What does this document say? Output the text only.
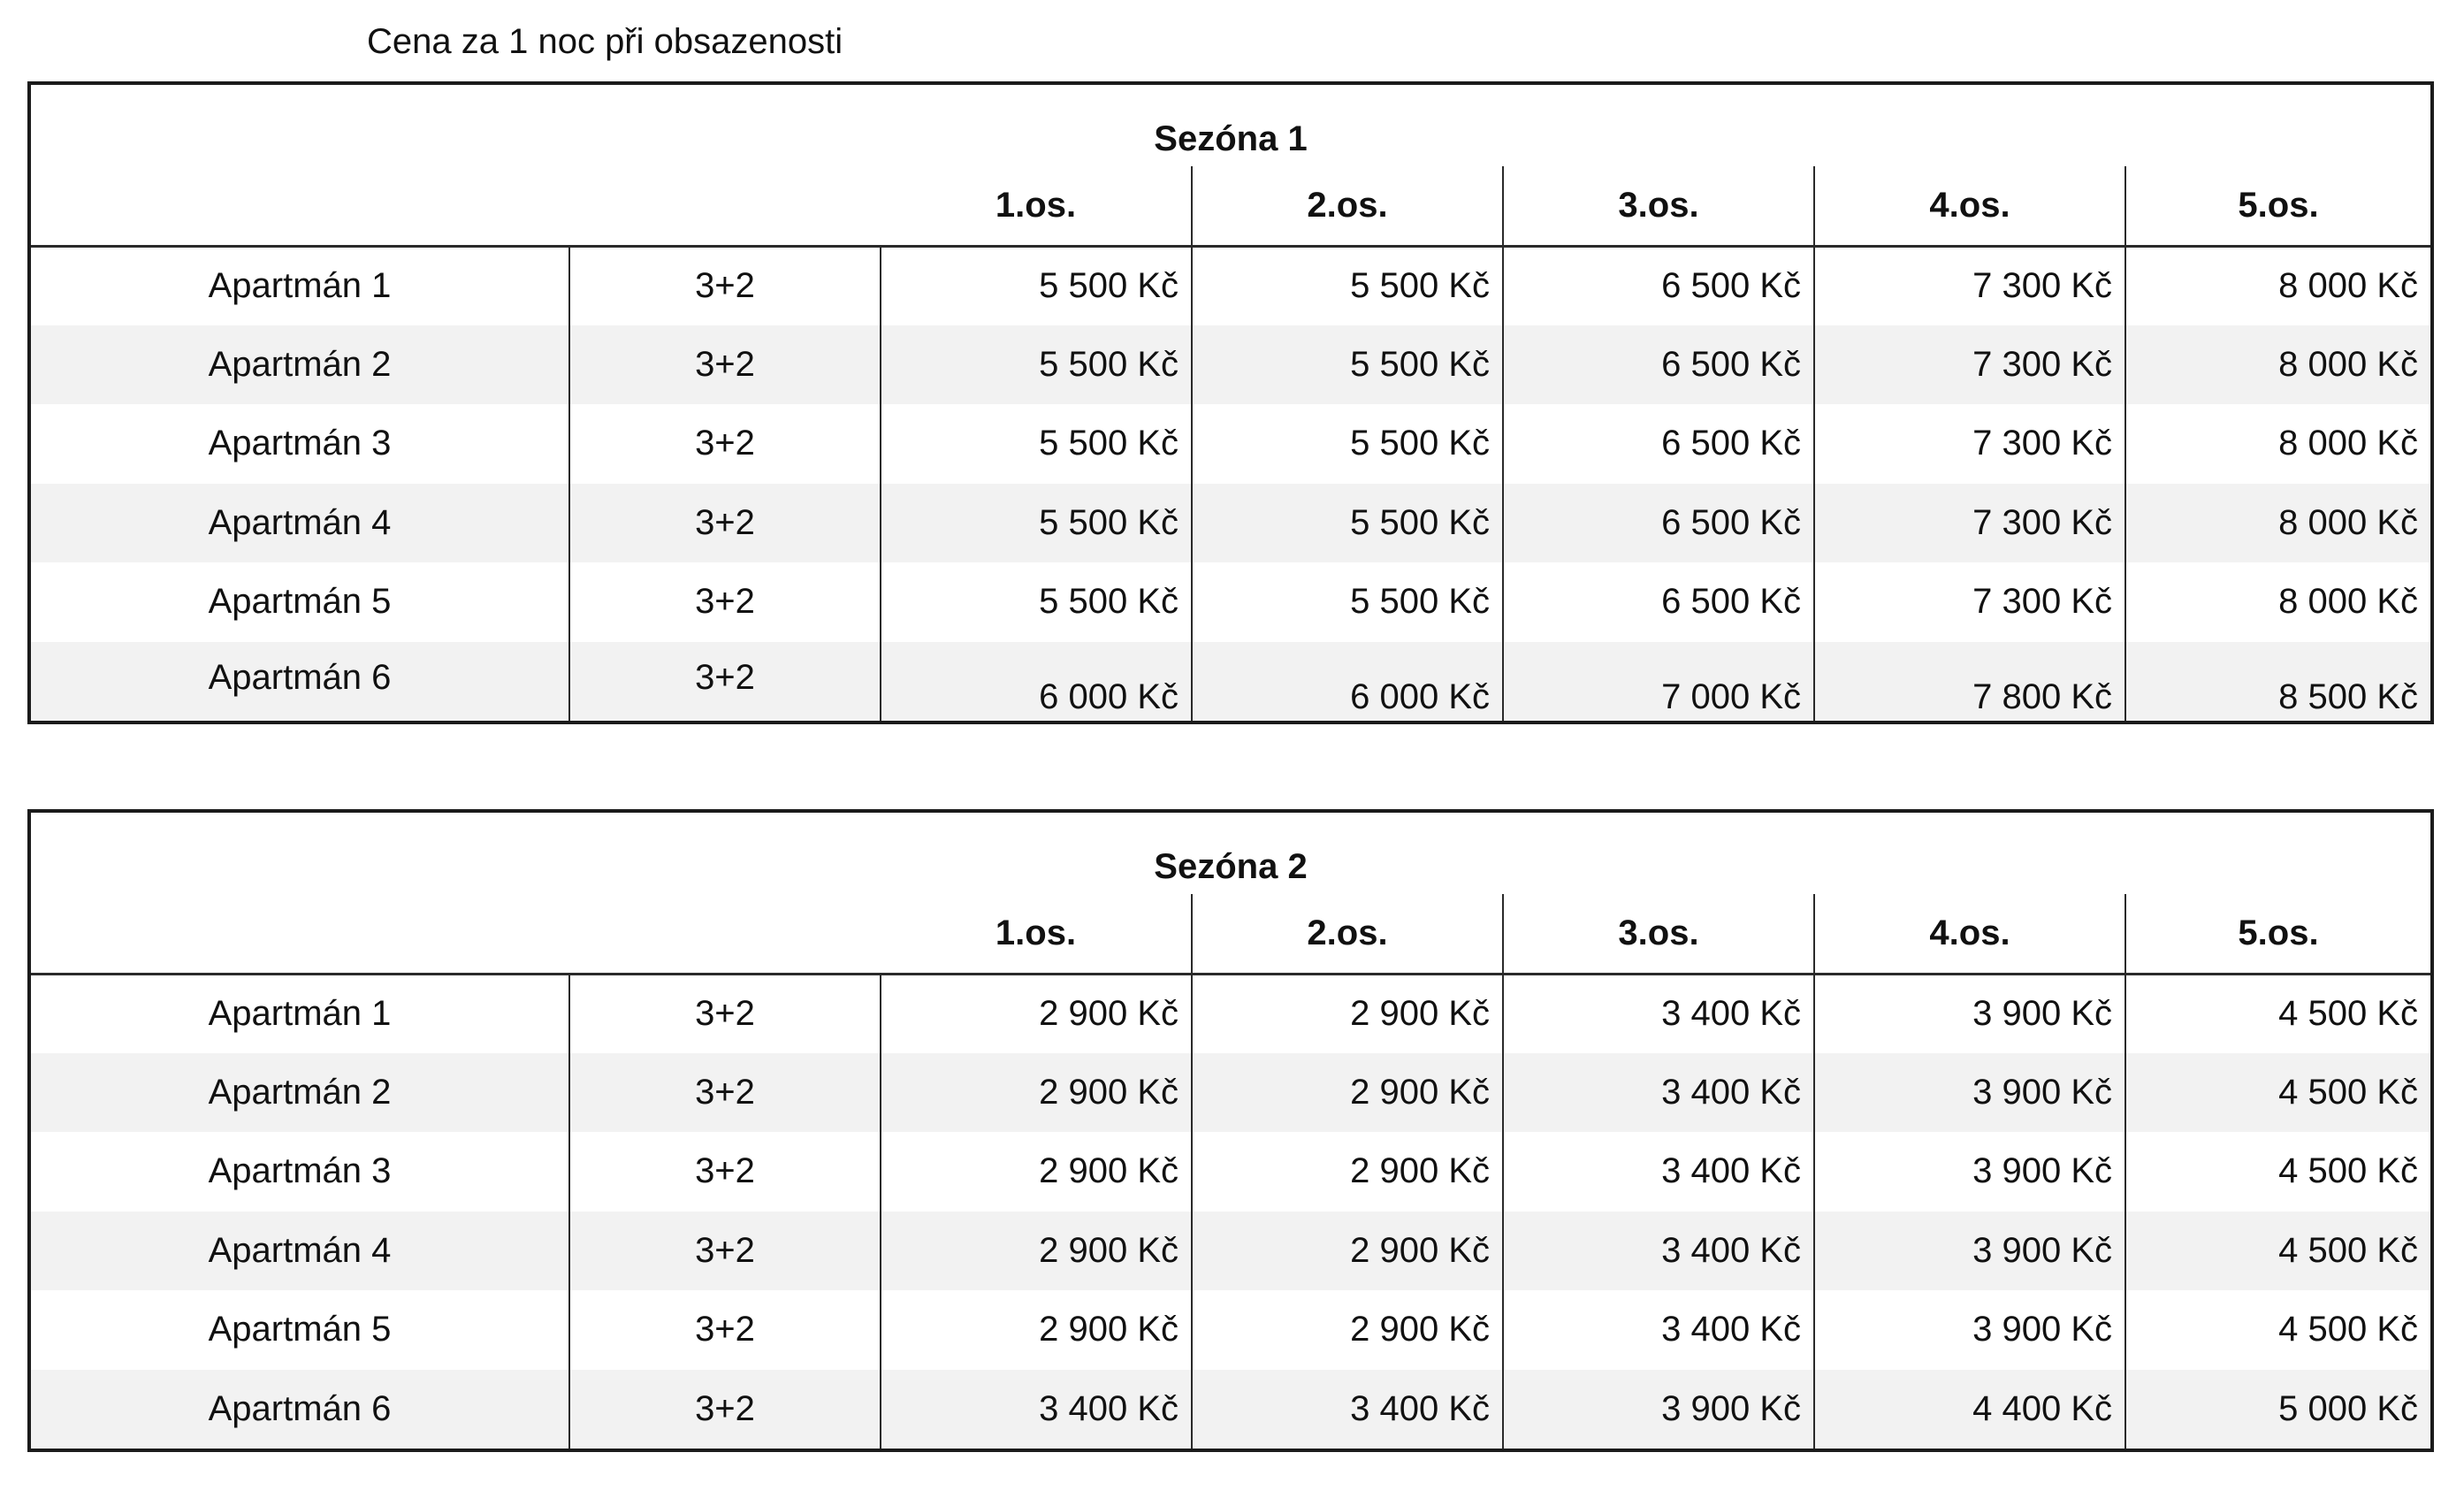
Cena za 1 noc při obsazenosti
Sezóna 1						
		1.os.	2.os.	3.os.	4.os.	5.os.
Apartmán 1	3+2	5 500 Kč	5 500 Kč	6 500 Kč	7 300 Kč	8 000 Kč
Apartmán 2	3+2	5 500 Kč	5 500 Kč	6 500 Kč	7 300 Kč	8 000 Kč
Apartmán 3	3+2	5 500 Kč	5 500 Kč	6 500 Kč	7 300 Kč	8 000 Kč
Apartmán 4	3+2	5 500 Kč	5 500 Kč	6 500 Kč	7 300 Kč	8 000 Kč
Apartmán 5	3+2	5 500 Kč	5 500 Kč	6 500 Kč	7 300 Kč	8 000 Kč
Apartmán 6	3+2	6 000 Kč	6 000 Kč	7 000 Kč	7 800 Kč	8 500 Kč
Sezóna 2						
		1.os.	2.os.	3.os.	4.os.	5.os.
Apartmán 1	3+2	2 900 Kč	2 900 Kč	3 400 Kč	3 900 Kč	4 500 Kč
Apartmán 2	3+2	2 900 Kč	2 900 Kč	3 400 Kč	3 900 Kč	4 500 Kč
Apartmán 3	3+2	2 900 Kč	2 900 Kč	3 400 Kč	3 900 Kč	4 500 Kč
Apartmán 4	3+2	2 900 Kč	2 900 Kč	3 400 Kč	3 900 Kč	4 500 Kč
Apartmán 5	3+2	2 900 Kč	2 900 Kč	3 400 Kč	3 900 Kč	4 500 Kč
Apartmán 6	3+2	3 400 Kč	3 400 Kč	3 900 Kč	4 400 Kč	5 000 Kč
